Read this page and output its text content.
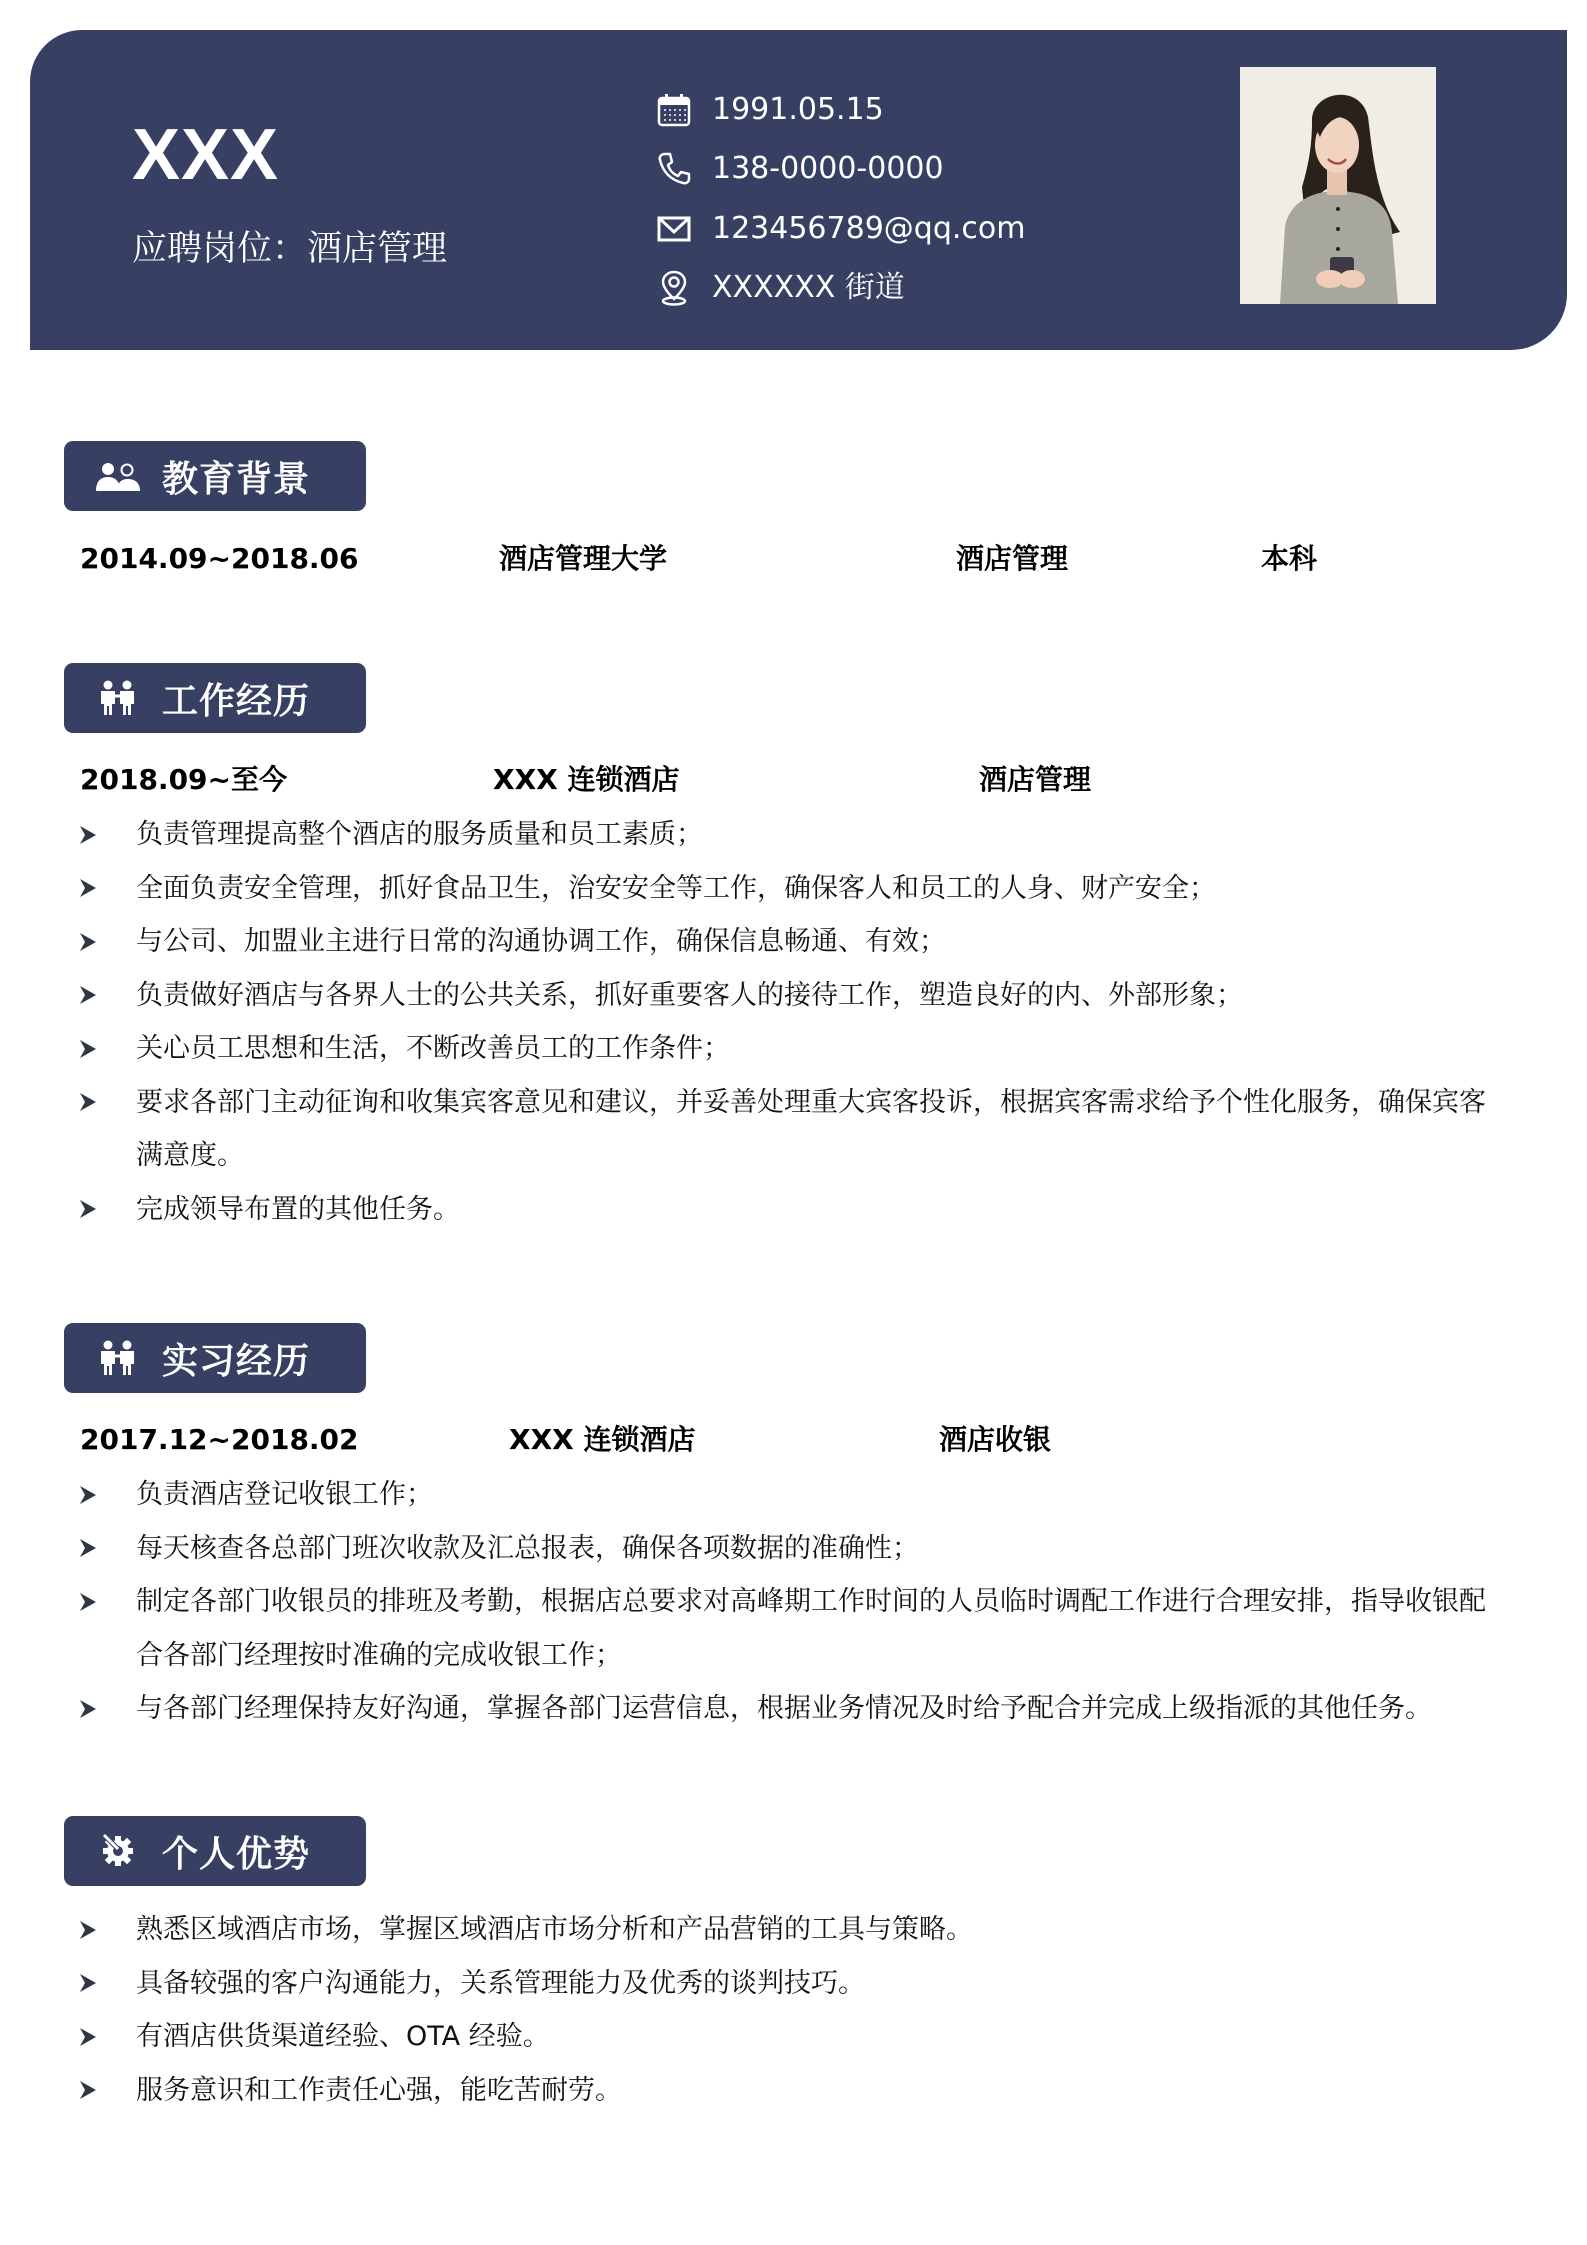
XXX
应聘岗位：酒店管理
1991.05.15
138-0000-0000
123456789@qq.com
XXXXXX 街道
教育背景
2014.09~2018.06	酒店管理大学	酒店管理	本科
工作经历
2018.09~至今	XXX 连锁酒店	酒店管理
负责管理提高整个酒店的服务质量和员工素质；
全面负责安全管理，抓好食品卫生，治安安全等工作，确保客人和员工的人身、财产安全；
与公司、加盟业主进行日常的沟通协调工作，确保信息畅通、有效；
负责做好酒店与各界人士的公共关系，抓好重要客人的接待工作，塑造良好的内、外部形象；
关心员工思想和生活，不断改善员工的工作条件；
要求各部门主动征询和收集宾客意见和建议，并妥善处理重大宾客投诉，根据宾客需求给予个性化服务，确保宾客满意度。
完成领导布置的其他任务。
实习经历
2017.12~2018.02	XXX 连锁酒店	酒店收银
负责酒店登记收银工作；
每天核查各总部门班次收款及汇总报表，确保各项数据的准确性；
制定各部门收银员的排班及考勤，根据店总要求对高峰期工作时间的人员临时调配工作进行合理安排，指导收银配合各部门经理按时准确的完成收银工作；
与各部门经理保持友好沟通，掌握各部门运营信息，根据业务情况及时给予配合并完成上级指派的其他任务。
个人优势
熟悉区域酒店市场，掌握区域酒店市场分析和产品营销的工具与策略。
具备较强的客户沟通能力，关系管理能力及优秀的谈判技巧。
有酒店供货渠道经验、OTA 经验。
服务意识和工作责任心强，能吃苦耐劳。
